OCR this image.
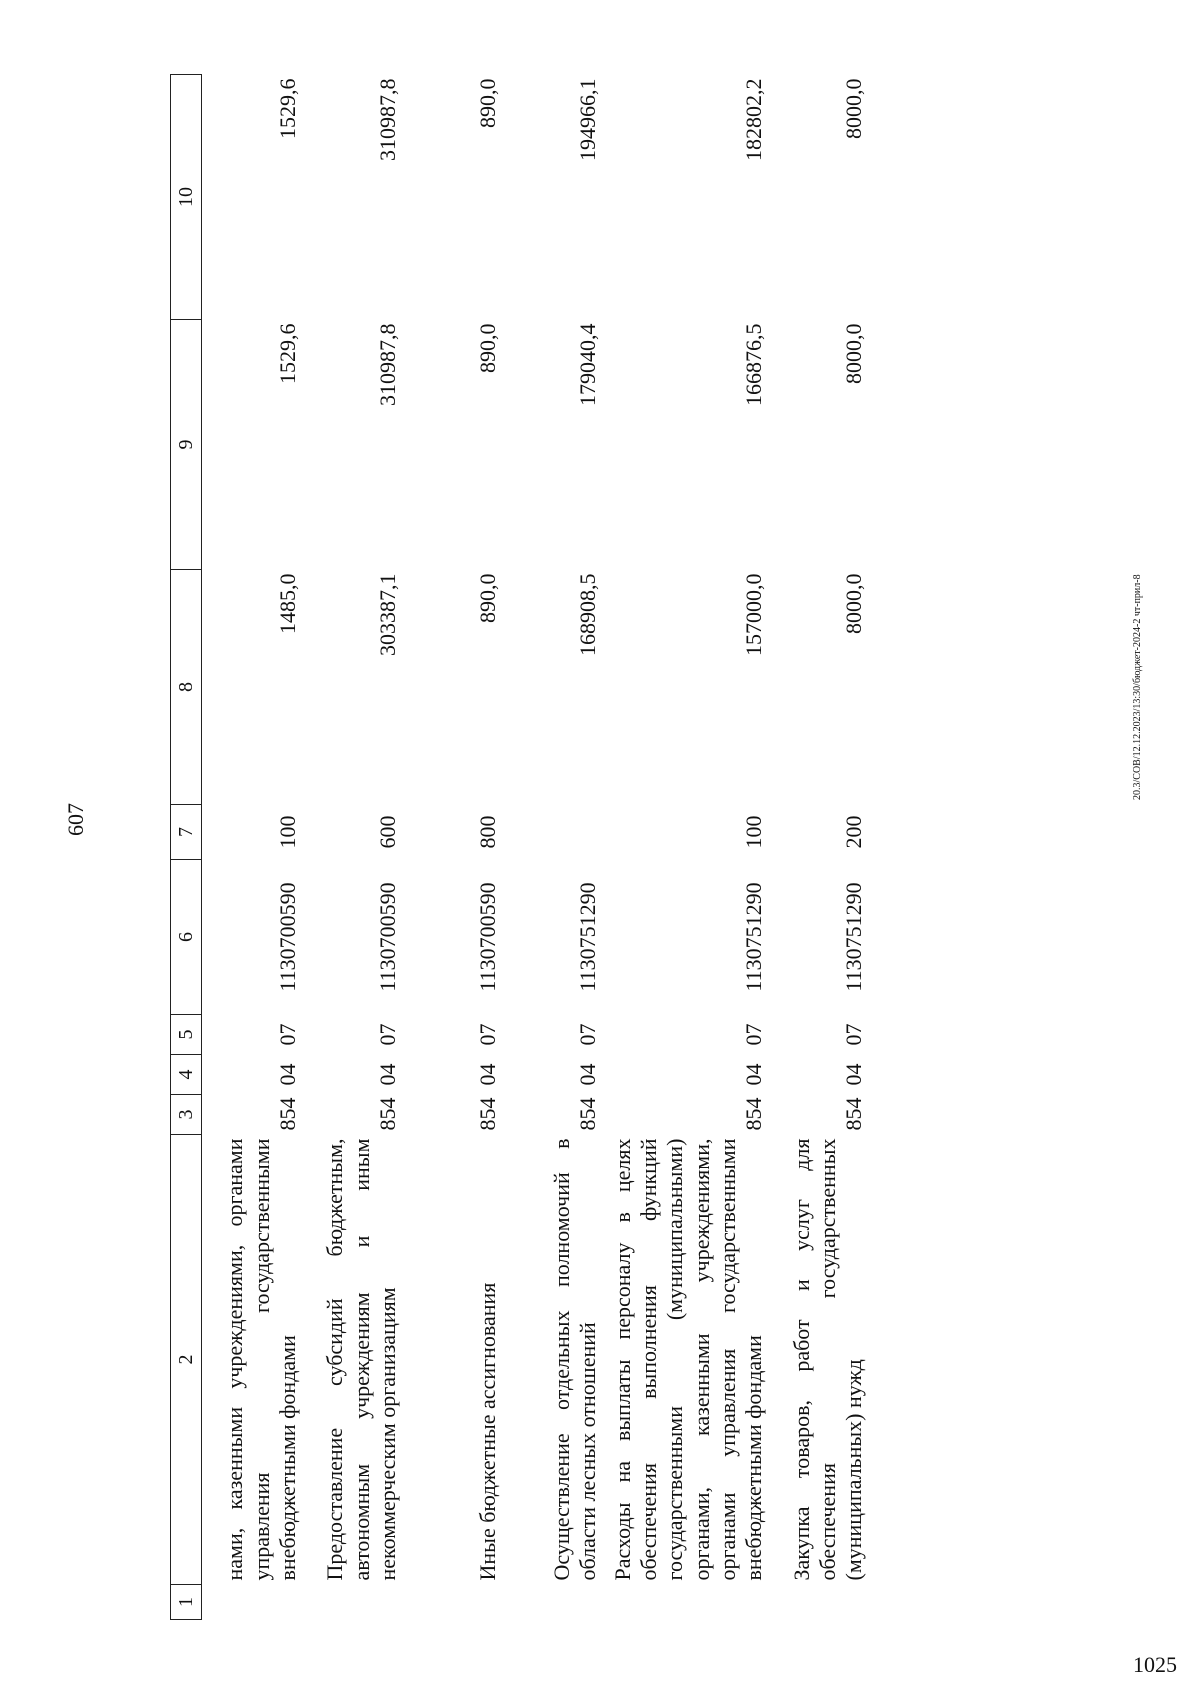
607
20.3/СОВ/12.12.2023/13:30/бюджет-2024-2 чт-прил-8
1025
1	2	3	4	5	6	7	8	9	10
	нами, казенными учреждениями, органами управления государственными внебюджетными фондами	854	04	07	1130700590	100	1485,0	1529,6	1529,6
	Предоставление субсидий бюджетным, автономным учреждениям и иным некоммерческим организациям	854	04	07	1130700590	600	303387,1	310987,8	310987,8
	Иные бюджетные ассигнования	854	04	07	1130700590	800	890,0	890,0	890,0
	Осуществление отдельных полномочий в области лесных отношений	854	04	07	1130751290		168908,5	179040,4	194966,1
	Расходы на выплаты персоналу в целях обеспечения выполнения функций государственными (муниципальными) органами, казенными учреждениями, органами управления государственными внебюджетными фондами	854	04	07	1130751290	100	157000,0	166876,5	182802,2
	Закупка товаров, работ и услуг для обеспечения государственных (муниципальных) нужд	854	04	07	1130751290	200	8000,0	8000,0	8000,0
